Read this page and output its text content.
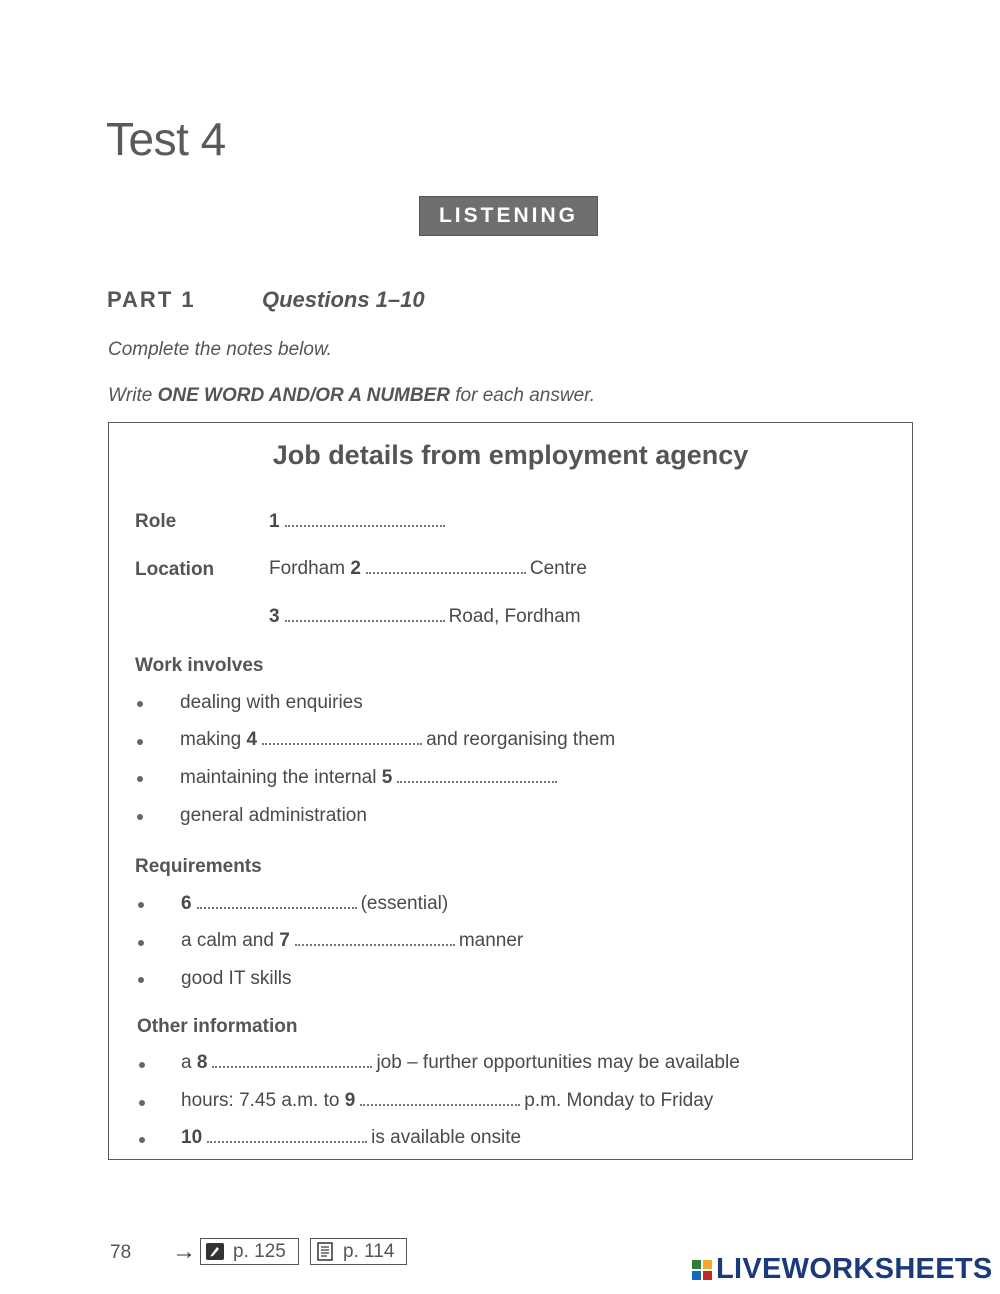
Test 4
LISTENING
PART 1	Questions 1–10
Complete the notes below.
Write ONE WORD AND/OR A NUMBER for each answer.
Job details from employment agency
Role	1
Location	Fordham 2	Centre
3	Road, Fordham
Work involves
dealing with enquiries
making 4	and reorganising them
maintaining the internal 5
general administration
Requirements
6	(essential)
a calm and 7	manner
good IT skills
Other information
a 8	job – further opportunities may be available
hours: 7.45 a.m. to 9	p.m. Monday to Friday
10	is available onsite
78 → p. 125	p. 114
LIVEWORKSHEETS
